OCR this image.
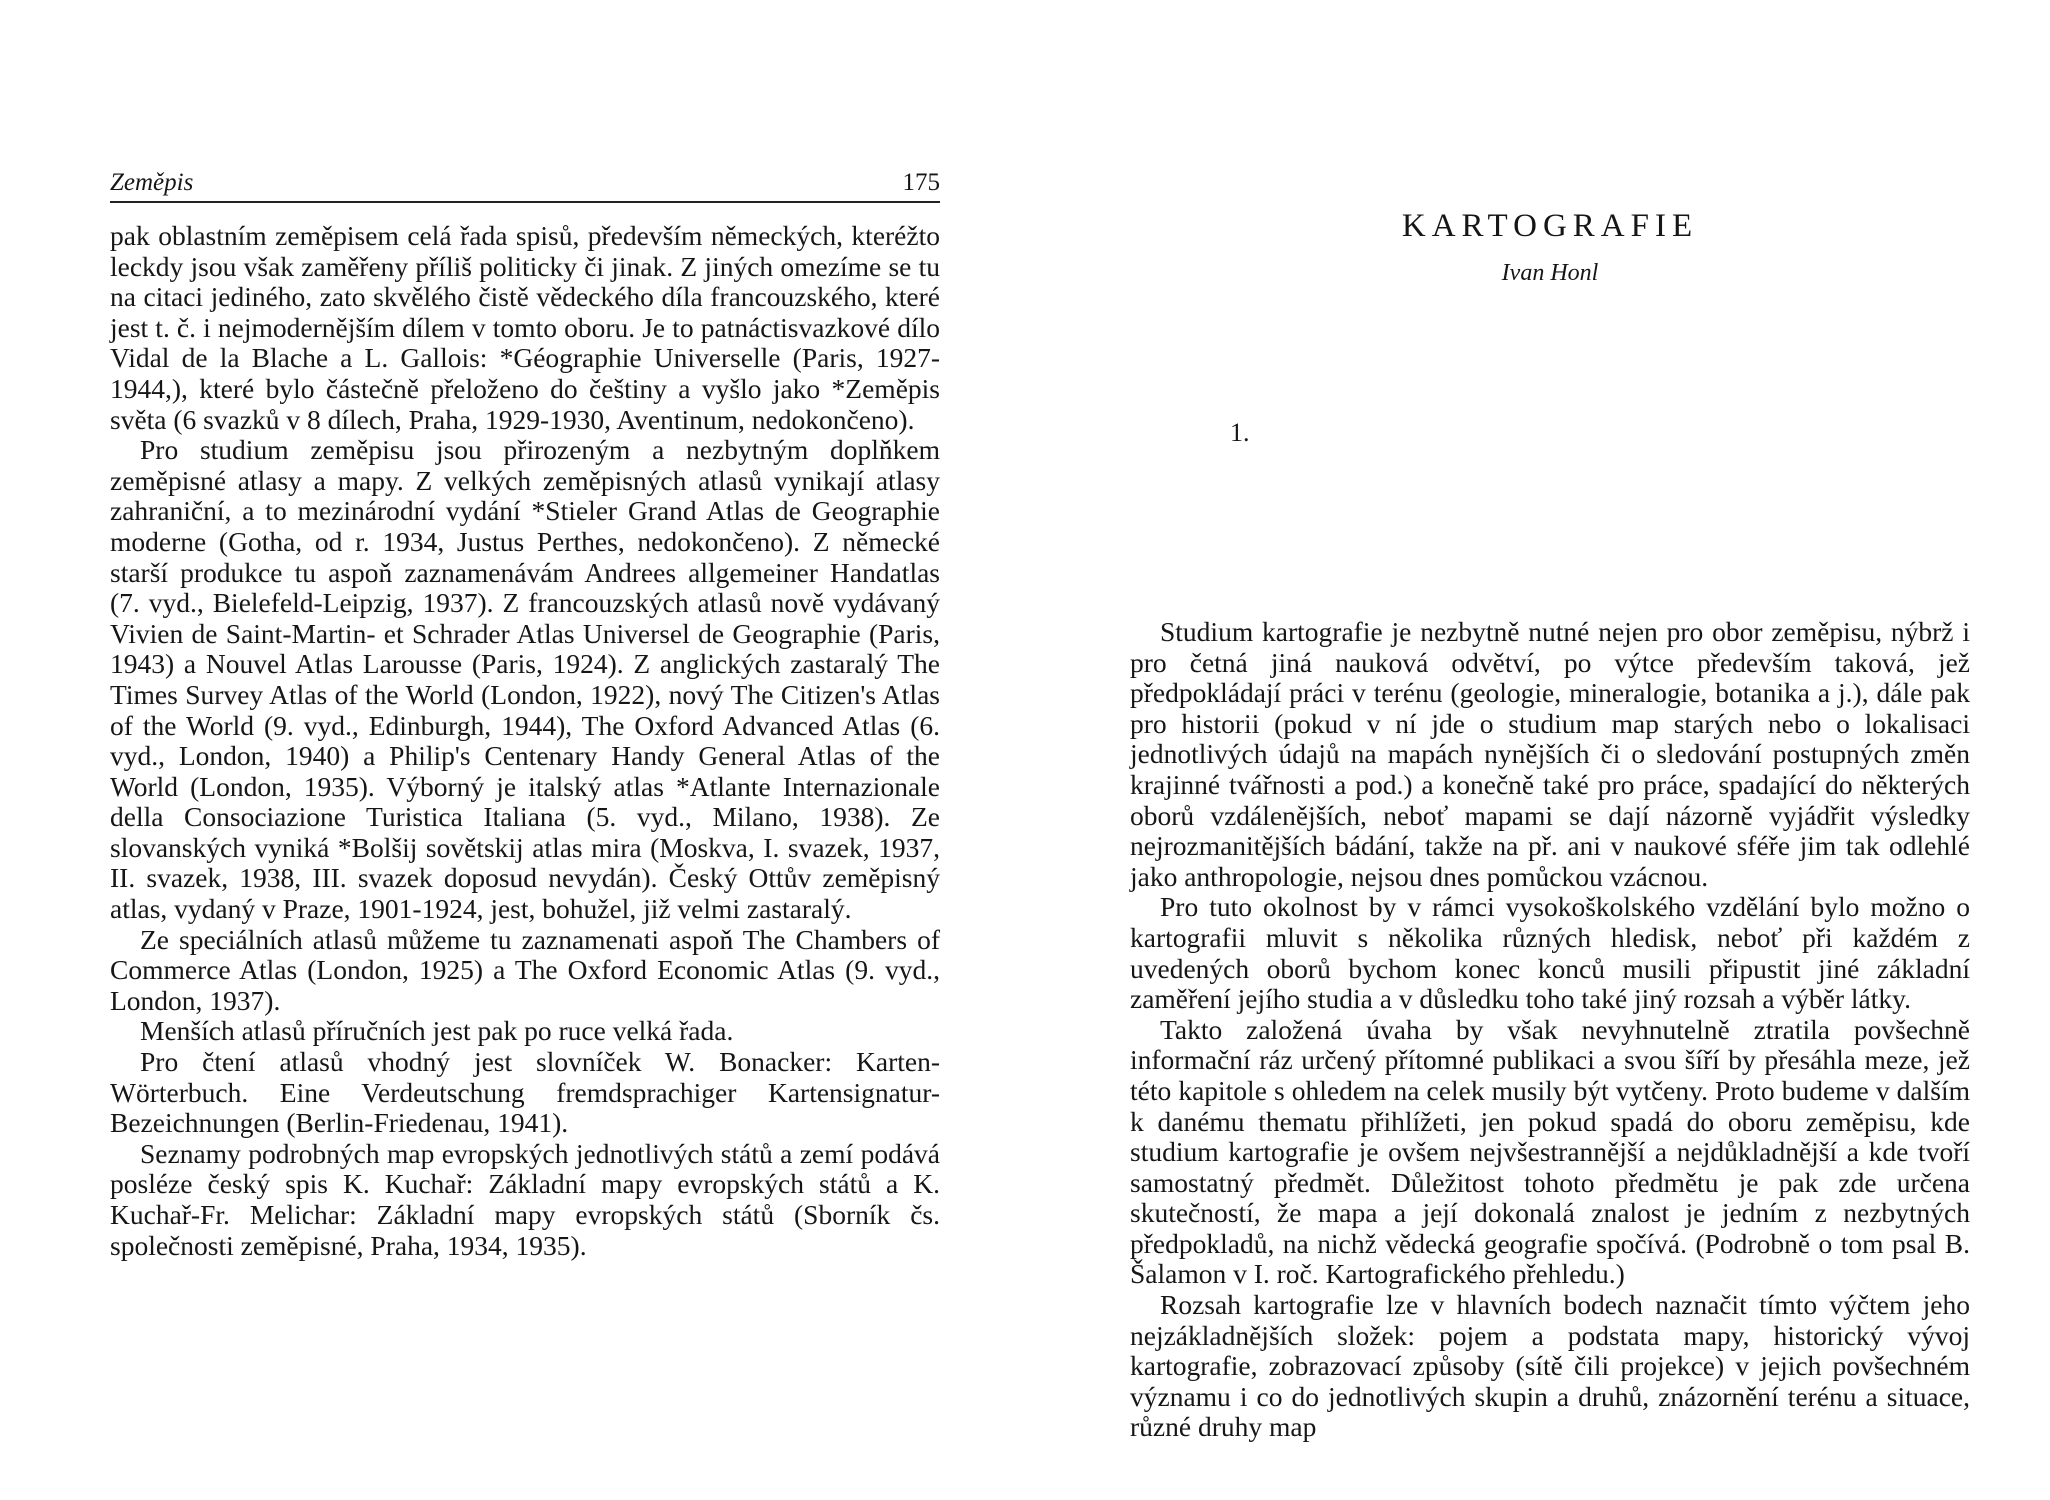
Zeměpis	175

pak oblastním zeměpisem celá řada spisů, především německých, kteréžto leckdy jsou však zaměřeny příliš politicky či jinak. Z jiných omezíme se tu na citaci jediného, zato skvělého čistě vědeckého díla francouzského, které jest t. č. i nejmodernějším dílem v tomto oboru. Je to patnáctisvazkové dílo Vidal de la Blache a L. Gallois: *Géographie Universelle (Paris, 1927-1944,), které bylo částečně přeloženo do češtiny a vyšlo jako *Zeměpis světa (6 svazků v 8 dílech, Praha, 1929-1930, Aventinum, nedokončeno).

Pro studium zeměpisu jsou přirozeným a nezbytným doplňkem zeměpisné atlasy a mapy. Z velkých zeměpisných atlasů vynikají atlasy zahraniční, a to mezinárodní vydání *Stieler Grand Atlas de Geographie moderne (Gotha, od r. 1934, Justus Perthes, nedokončeno). Z německé starší produkce tu aspoň zaznamenávám Andrees allgemeiner Handatlas (7. vyd., Bielefeld-Leipzig, 1937). Z francouzských atlasů nově vydávaný Vivien de Saint-Martin- et Schrader Atlas Universel de Geographie (Paris, 1943) a Nouvel Atlas Larousse (Paris, 1924). Z anglických zastaralý The Times Survey Atlas of the World (London, 1922), nový The Citizen's Atlas of the World (9. vyd., Edinburgh, 1944), The Oxford Advanced Atlas (6. vyd., London, 1940) a Philip's Centenary Handy General Atlas of the World (London, 1935). Výborný je italský atlas *Atlante Internazionale della Consociazione Turistica Italiana (5. vyd., Milano, 1938). Ze slovanských vyniká *Bolšij sovětskij atlas mira (Moskva, I. svazek, 1937, II. svazek, 1938, III. svazek doposud nevydán). Český Ottův zeměpisný atlas, vydaný v Praze, 1901-1924, jest, bohužel, již velmi zastaralý.

Ze speciálních atlasů můžeme tu zaznamenati aspoň The Chambers of Commerce Atlas (London, 1925) a The Oxford Economic Atlas (9. vyd., London, 1937).

Menších atlasů příručních jest pak po ruce velká řada.

Pro čtení atlasů vhodný jest slovníček W. Bonacker: Karten-Wörterbuch. Eine Verdeutschung fremdsprachiger Kartensignatur-Bezeichnungen (Berlin-Friedenau, 1941).

Seznamy podrobných map evropských jednotlivých států a zemí podává posléze český spis K. Kuchař: Základní mapy evropských států a K. Kuchař-Fr. Melichar: Základní mapy evropských států (Sborník čs. společnosti zeměpisné, Praha, 1934, 1935).

KARTOGRAFIE
Ivan Honl
1.

Studium kartografie je nezbytně nutné nejen pro obor zeměpisu, nýbrž i pro četná jiná nauková odvětví, po výtce především taková, jež předpokládají práci v terénu (geologie, mineralogie, botanika a j.), dále pak pro historii (pokud v ní jde o studium map starých nebo o lokalisaci jednotlivých údajů na mapách nynějších či o sledování postupných změn krajinné tvářnosti a pod.) a konečně také pro práce, spadající do některých oborů vzdálenějších, neboť mapami se dají názorně vyjádřit výsledky nejrozmanitějších bádání, takže na př. ani v naukové sféře jim tak odlehlé jako anthropologie, nejsou dnes pomůckou vzácnou.

Pro tuto okolnost by v rámci vysokoškolského vzdělání bylo možno o kartografii mluvit s několika různých hledisk, neboť při každém z uvedených oborů bychom konec konců musili připustit jiné základní zaměření jejího studia a v důsledku toho také jiný rozsah a výběr látky.

Takto založená úvaha by však nevyhnutelně ztratila povšechně informační ráz určený přítomné publikaci a svou šíří by přesáhla meze, jež této kapitole s ohledem na celek musily být vytčeny. Proto budeme v dalším k danému thematu přihlížeti, jen pokud spadá do oboru zeměpisu, kde studium kartografie je ovšem nejvšestrannější a nejdůkladnější a kde tvoří samostatný předmět. Důležitost tohoto předmětu je pak zde určena skutečností, že mapa a její dokonalá znalost je jedním z nezbytných předpokladů, na nichž vědecká geografie spočívá. (Podrobně o tom psal B. Šalamon v I. roč. Kartografického přehledu.)

Rozsah kartografie lze v hlavních bodech naznačit tímto výčtem jeho nejzákladnějších složek: pojem a podstata mapy, historický vývoj kartografie, zobrazovací způsoby (sítě čili projekce) v jejich povšechném významu i co do jednotlivých skupin a druhů, znázornění terénu a situace, různé druhy map
